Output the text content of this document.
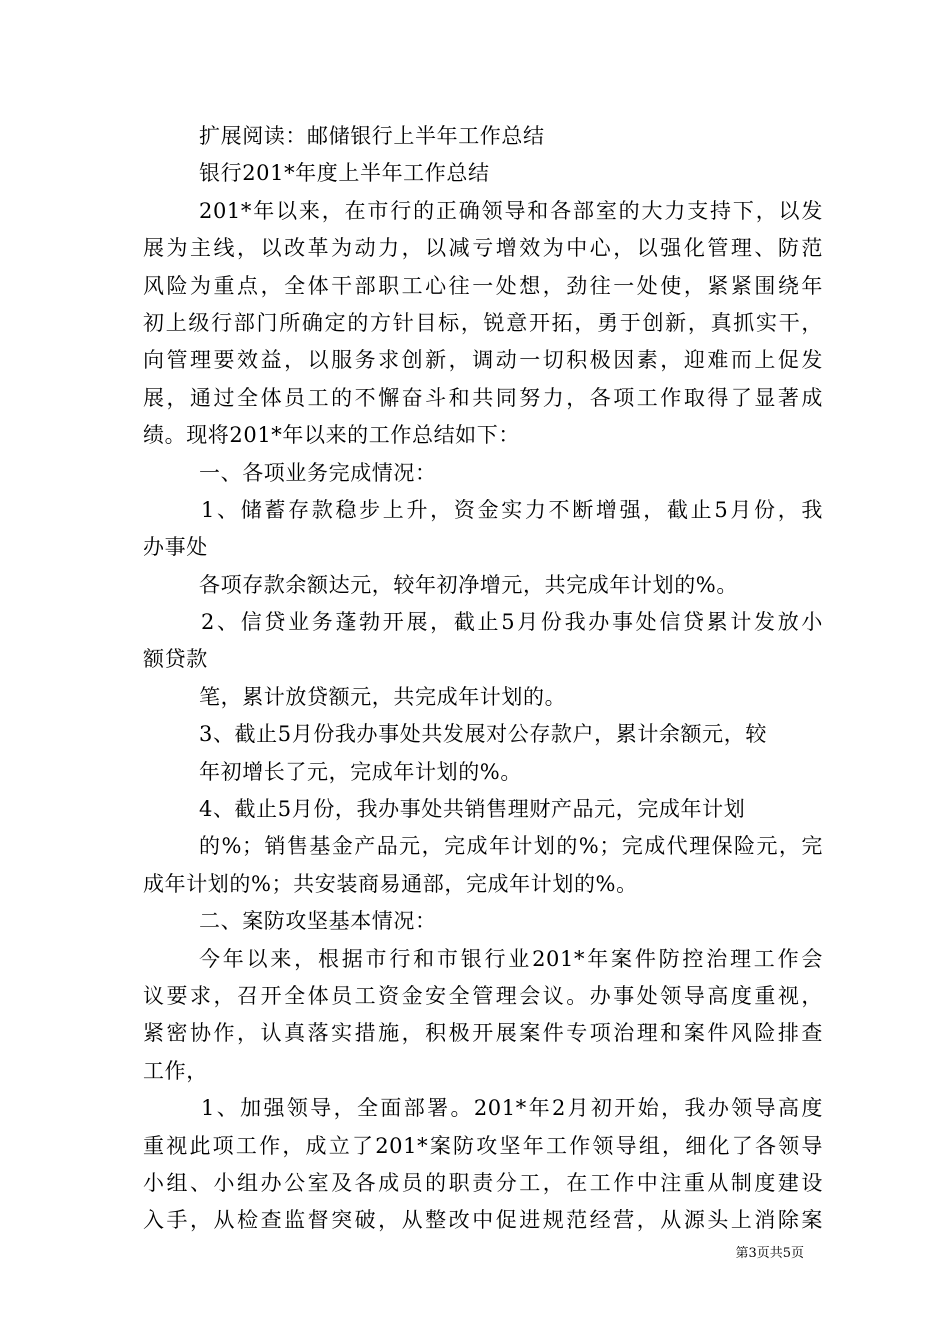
扩展阅读：邮储银行上半年工作总结
银行201*年度上半年工作总结
201*年以来，在市行的正确领导和各部室的大力支持下，以发
展为主线，以改革为动力，以减亏增效为中心，以强化管理、防范
风险为重点，全体干部职工心往一处想，劲往一处使，紧紧围绕年
初上级行部门所确定的方针目标，锐意开拓，勇于创新，真抓实干，
向管理要效益，以服务求创新，调动一切积极因素，迎难而上促发
展，通过全体员工的不懈奋斗和共同努力，各项工作取得了显著成
绩。现将201*年以来的工作总结如下：
一、各项业务完成情况：
1、储蓄存款稳步上升，资金实力不断增强，截止5月份，我
办事处
各项存款余额达元，较年初净增元，共完成年计划的%。
2、信贷业务蓬勃开展，截止5月份我办事处信贷累计发放小
额贷款
笔，累计放贷额元，共完成年计划的。
3、截止5月份我办事处共发展对公存款户，累计余额元，较
年初增长了元，完成年计划的%。
4、截止5月份，我办事处共销售理财产品元，完成年计划
的%；销售基金产品元，完成年计划的%；完成代理保险元，完
成年计划的%；共安装商易通部，完成年计划的%。
二、案防攻坚基本情况：
今年以来，根据市行和市银行业201*年案件防控治理工作会
议要求，召开全体员工资金安全管理会议。办事处领导高度重视，
紧密协作，认真落实措施，积极开展案件专项治理和案件风险排查
工作，
1、加强领导，全面部署。201*年2月初开始，我办领导高度
重视此项工作，成立了201*案防攻坚年工作领导组，细化了各领导
小组、小组办公室及各成员的职责分工，在工作中注重从制度建设
入手，从检查监督突破，从整改中促进规范经营，从源头上消除案
第3页共5页
